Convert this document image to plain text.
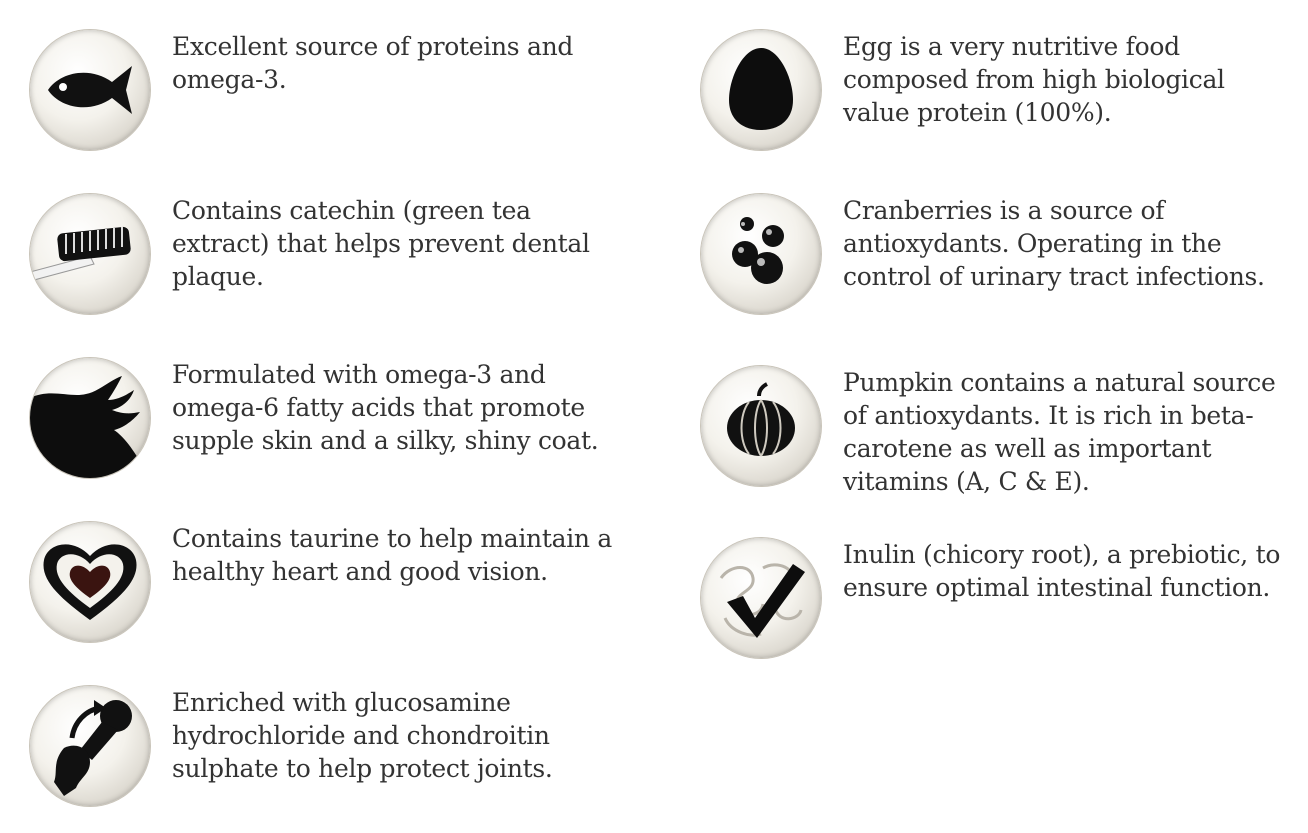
Excellent source of proteins and omega-3.

Contains catechin (green tea extract) that helps prevent dental plaque.

Formulated with omega-3 and omega-6 fatty acids that promote supple skin and a silky, shiny coat.

Contains taurine to help maintain a healthy heart and good vision.

Enriched with glucosamine hydrochloride and chondroitin sulphate to help protect joints.

Egg is a very nutritive food composed from high biological value protein (100%).

Cranberries is a source of antioxydants. Operating in the control of urinary tract infections.

Pumpkin contains a natural source of antioxydants. It is rich in beta-carotene as well as important vitamins (A, C & E).

Inulin (chicory root), a prebiotic, to ensure optimal intestinal function.
